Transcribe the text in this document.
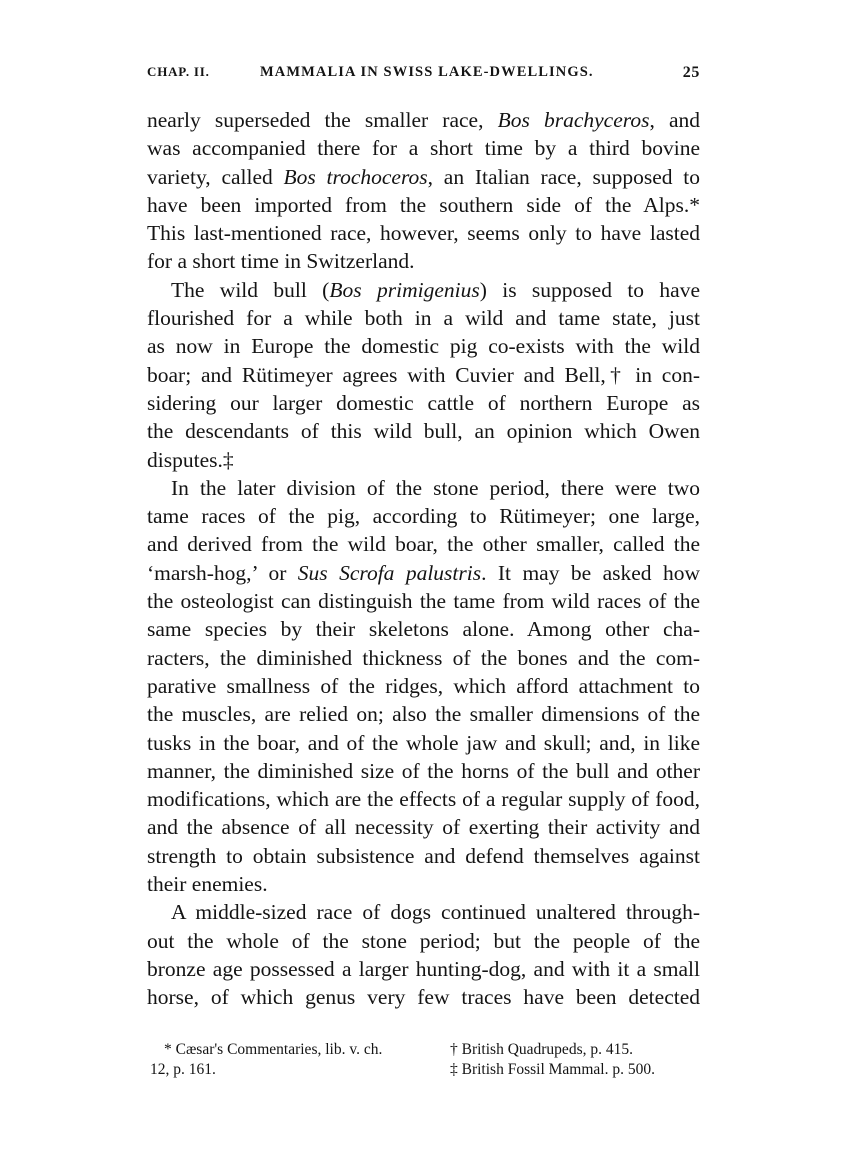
CHAP. II.	MAMMALIA IN SWISS LAKE-DWELLINGS.	25
nearly superseded the smaller race, Bos brachyceros, and
was accompanied there for a short time by a third bovine
variety, called Bos trochoceros, an Italian race, supposed to
have been imported from the southern side of the Alps.*
This last-mentioned race, however, seems only to have lasted
for a short time in Switzerland.
The wild bull (Bos primigenius) is supposed to have
flourished for a while both in a wild and tame state, just
as now in Europe the domestic pig co-exists with the wild
boar; and Rütimeyer agrees with Cuvier and Bell,† in con-
sidering our larger domestic cattle of northern Europe as
the descendants of this wild bull, an opinion which Owen
disputes.‡
In the later division of the stone period, there were two
tame races of the pig, according to Rütimeyer; one large,
and derived from the wild boar, the other smaller, called the
‘marsh-hog,’ or Sus Scrofa palustris. It may be asked how
the osteologist can distinguish the tame from wild races of the
same species by their skeletons alone. Among other cha-
racters, the diminished thickness of the bones and the com-
parative smallness of the ridges, which afford attachment to
the muscles, are relied on; also the smaller dimensions of the
tusks in the boar, and of the whole jaw and skull; and, in like
manner, the diminished size of the horns of the bull and other
modifications, which are the effects of a regular supply of food,
and the absence of all necessity of exerting their activity and
strength to obtain subsistence and defend themselves against
their enemies.
A middle-sized race of dogs continued unaltered through-
out the whole of the stone period; but the people of the
bronze age possessed a larger hunting-dog, and with it a small
horse, of which genus very few traces have been detected
* Cæsar's Commentaries, lib. v. ch.
12, p. 161.
† British Quadrupeds, p. 415.
‡ British Fossil Mammal. p. 500.
